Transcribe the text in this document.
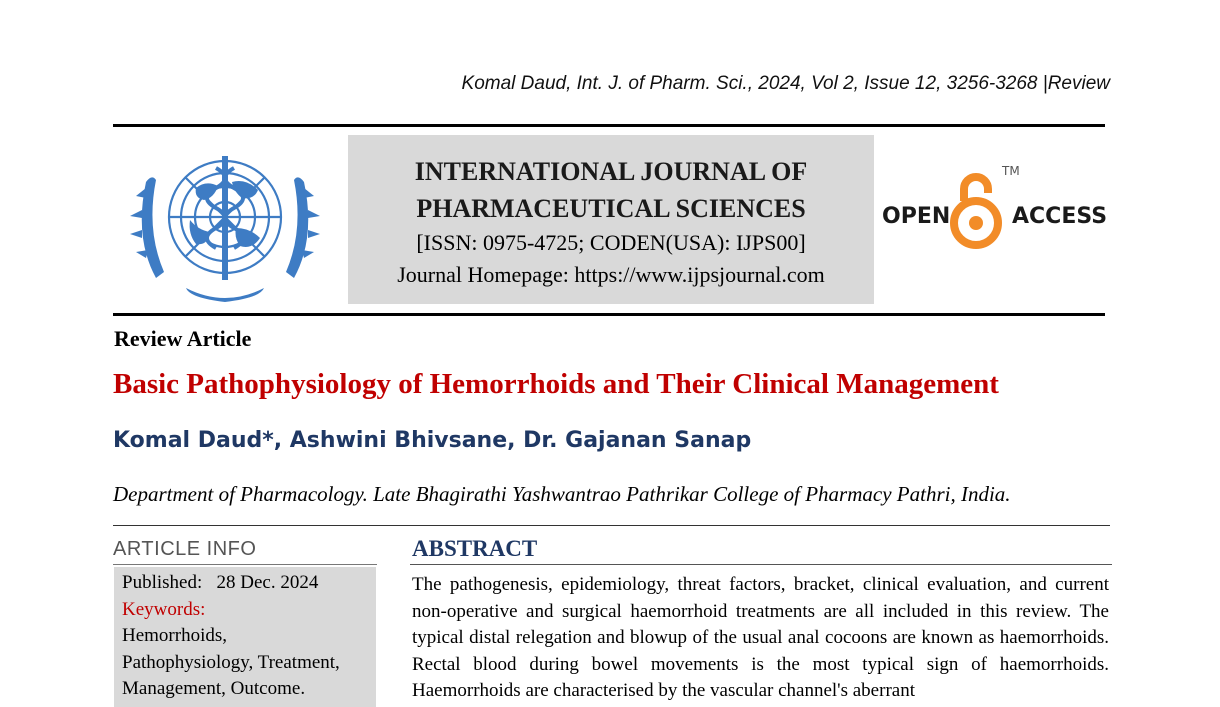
Komal Daud, Int. J. of Pharm. Sci., 2024, Vol 2, Issue 12, 3256-3268 |Review
INTERNATIONAL JOURNAL OF
PHARMACEUTICAL SCIENCES
[ISSN: 0975-4725; CODEN(USA): IJPS00]
Journal Homepage: https://www.ijpsjournal.com
OPEN
TM
ACCESS
Review Article
Basic Pathophysiology of Hemorrhoids and Their Clinical Management
Komal Daud*, Ashwini Bhivsane, Dr. Gajanan Sanap
Department of Pharmacology. Late Bhagirathi Yashwantrao Pathrikar College of Pharmacy Pathri, India.
ARTICLE INFO
Published: 28 Dec. 2024
Keywords:
Hemorrhoids,
Pathophysiology, Treatment,
Management, Outcome.
ABSTRACT
The pathogenesis, epidemiology, threat factors, bracket, clinical evaluation, and current non-operative and surgical haemorrhoid treatments are all included in this review. The typical distal relegation and blowup of the usual anal cocoons are known as haemorrhoids. Rectal blood during bowel movements is the most typical sign of haemorrhoids. Haemorrhoids are characterised by the vascular channel's aberrant
